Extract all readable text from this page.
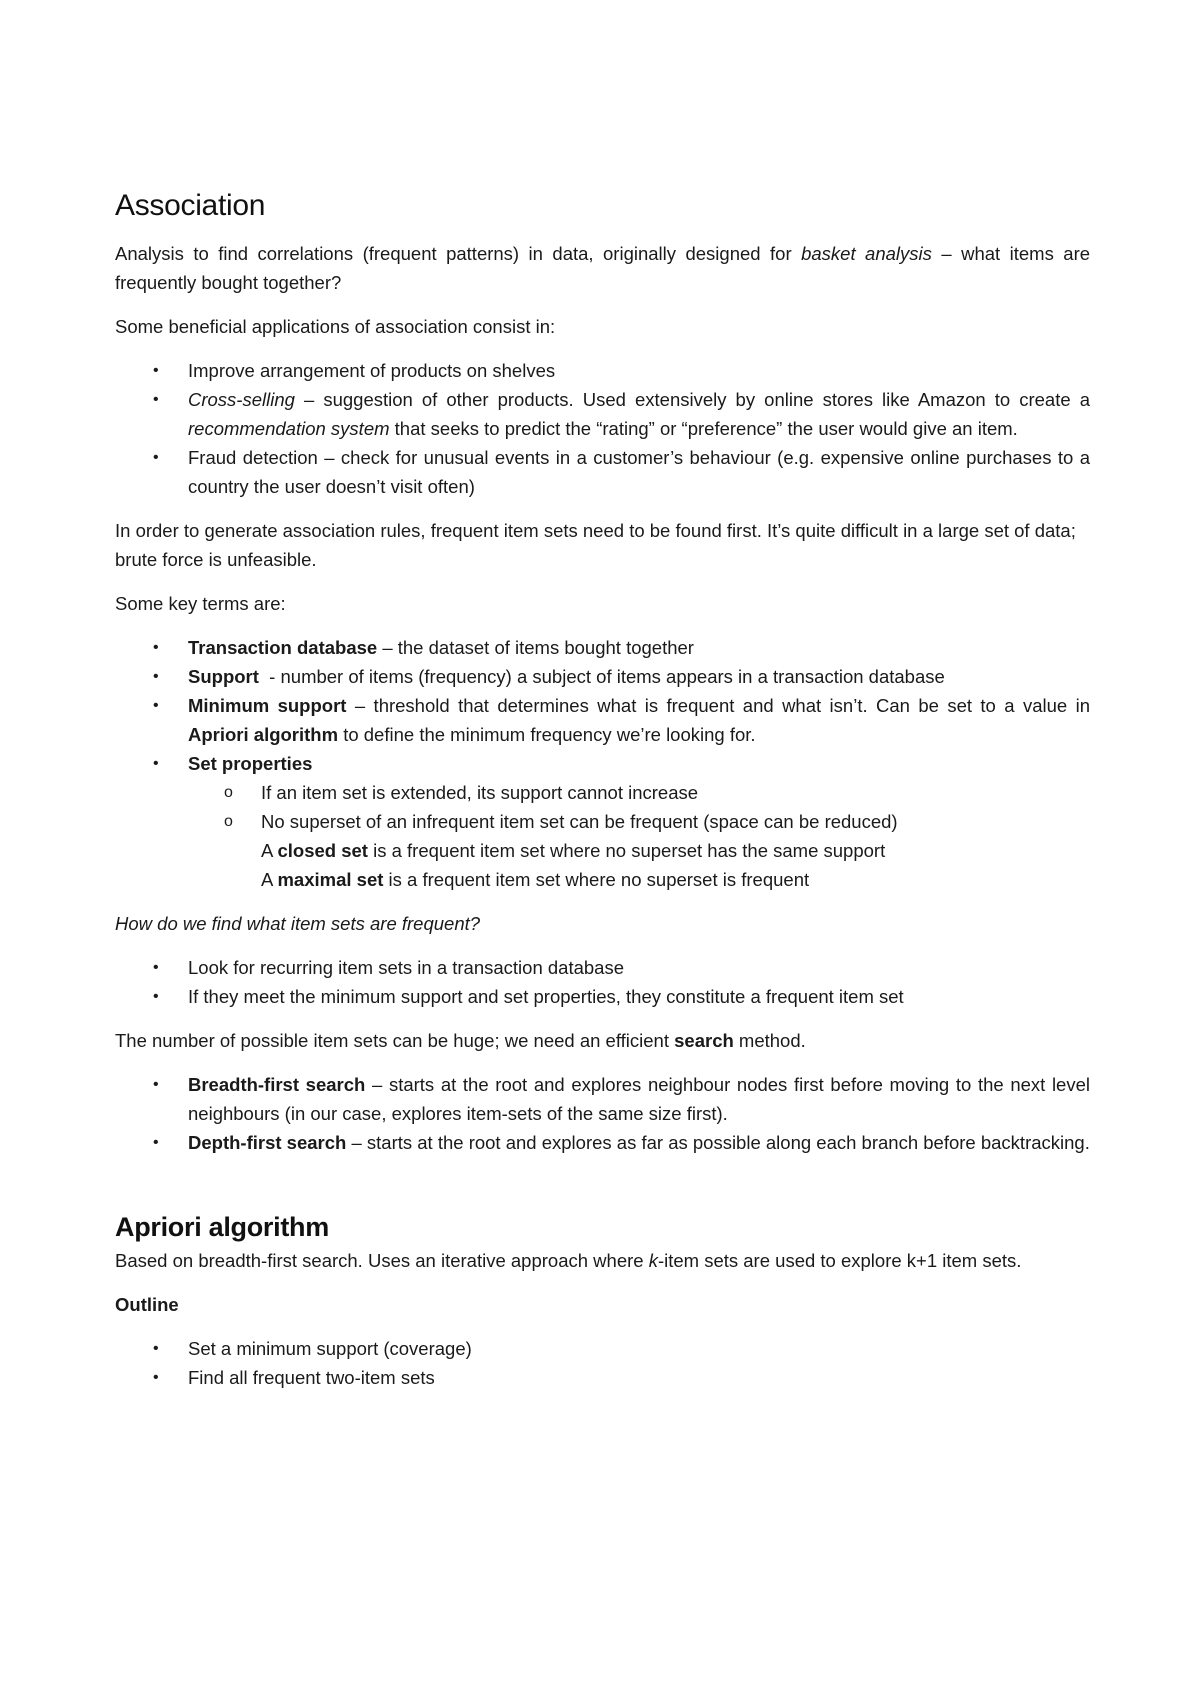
Association

Analysis to find correlations (frequent patterns) in data, originally designed for basket analysis – what items are frequently bought together?

Some beneficial applications of association consist in:

• Improve arrangement of products on shelves
• Cross-selling – suggestion of other products. Used extensively by online stores like Amazon to create a recommendation system that seeks to predict the “rating” or “preference” the user would give an item.
• Fraud detection – check for unusual events in a customer’s behaviour (e.g. expensive online purchases to a country the user doesn’t visit often)

In order to generate association rules, frequent item sets need to be found first. It’s quite difficult in a large set of data; brute force is unfeasible.

Some key terms are:

• Transaction database – the dataset of items bought together
• Support  - number of items (frequency) a subject of items appears in a transaction database
• Minimum support – threshold that determines what is frequent and what isn’t. Can be set to a value in Apriori algorithm to define the minimum frequency we’re looking for.
• Set properties
o If an item set is extended, its support cannot increase
o No superset of an infrequent item set can be frequent (space can be reduced)
A closed set is a frequent item set where no superset has the same support
A maximal set is a frequent item set where no superset is frequent

How do we find what item sets are frequent?

• Look for recurring item sets in a transaction database
• If they meet the minimum support and set properties, they constitute a frequent item set

The number of possible item sets can be huge; we need an efficient search method.

• Breadth-first search – starts at the root and explores neighbour nodes first before moving to the next level neighbours (in our case, explores item-sets of the same size first).
• Depth-first search – starts at the root and explores as far as possible along each branch before backtracking.
Apriori algorithm

Based on breadth-first search. Uses an iterative approach where k-item sets are used to explore k+1 item sets.

Outline

• Set a minimum support (coverage)
• Find all frequent two-item sets
